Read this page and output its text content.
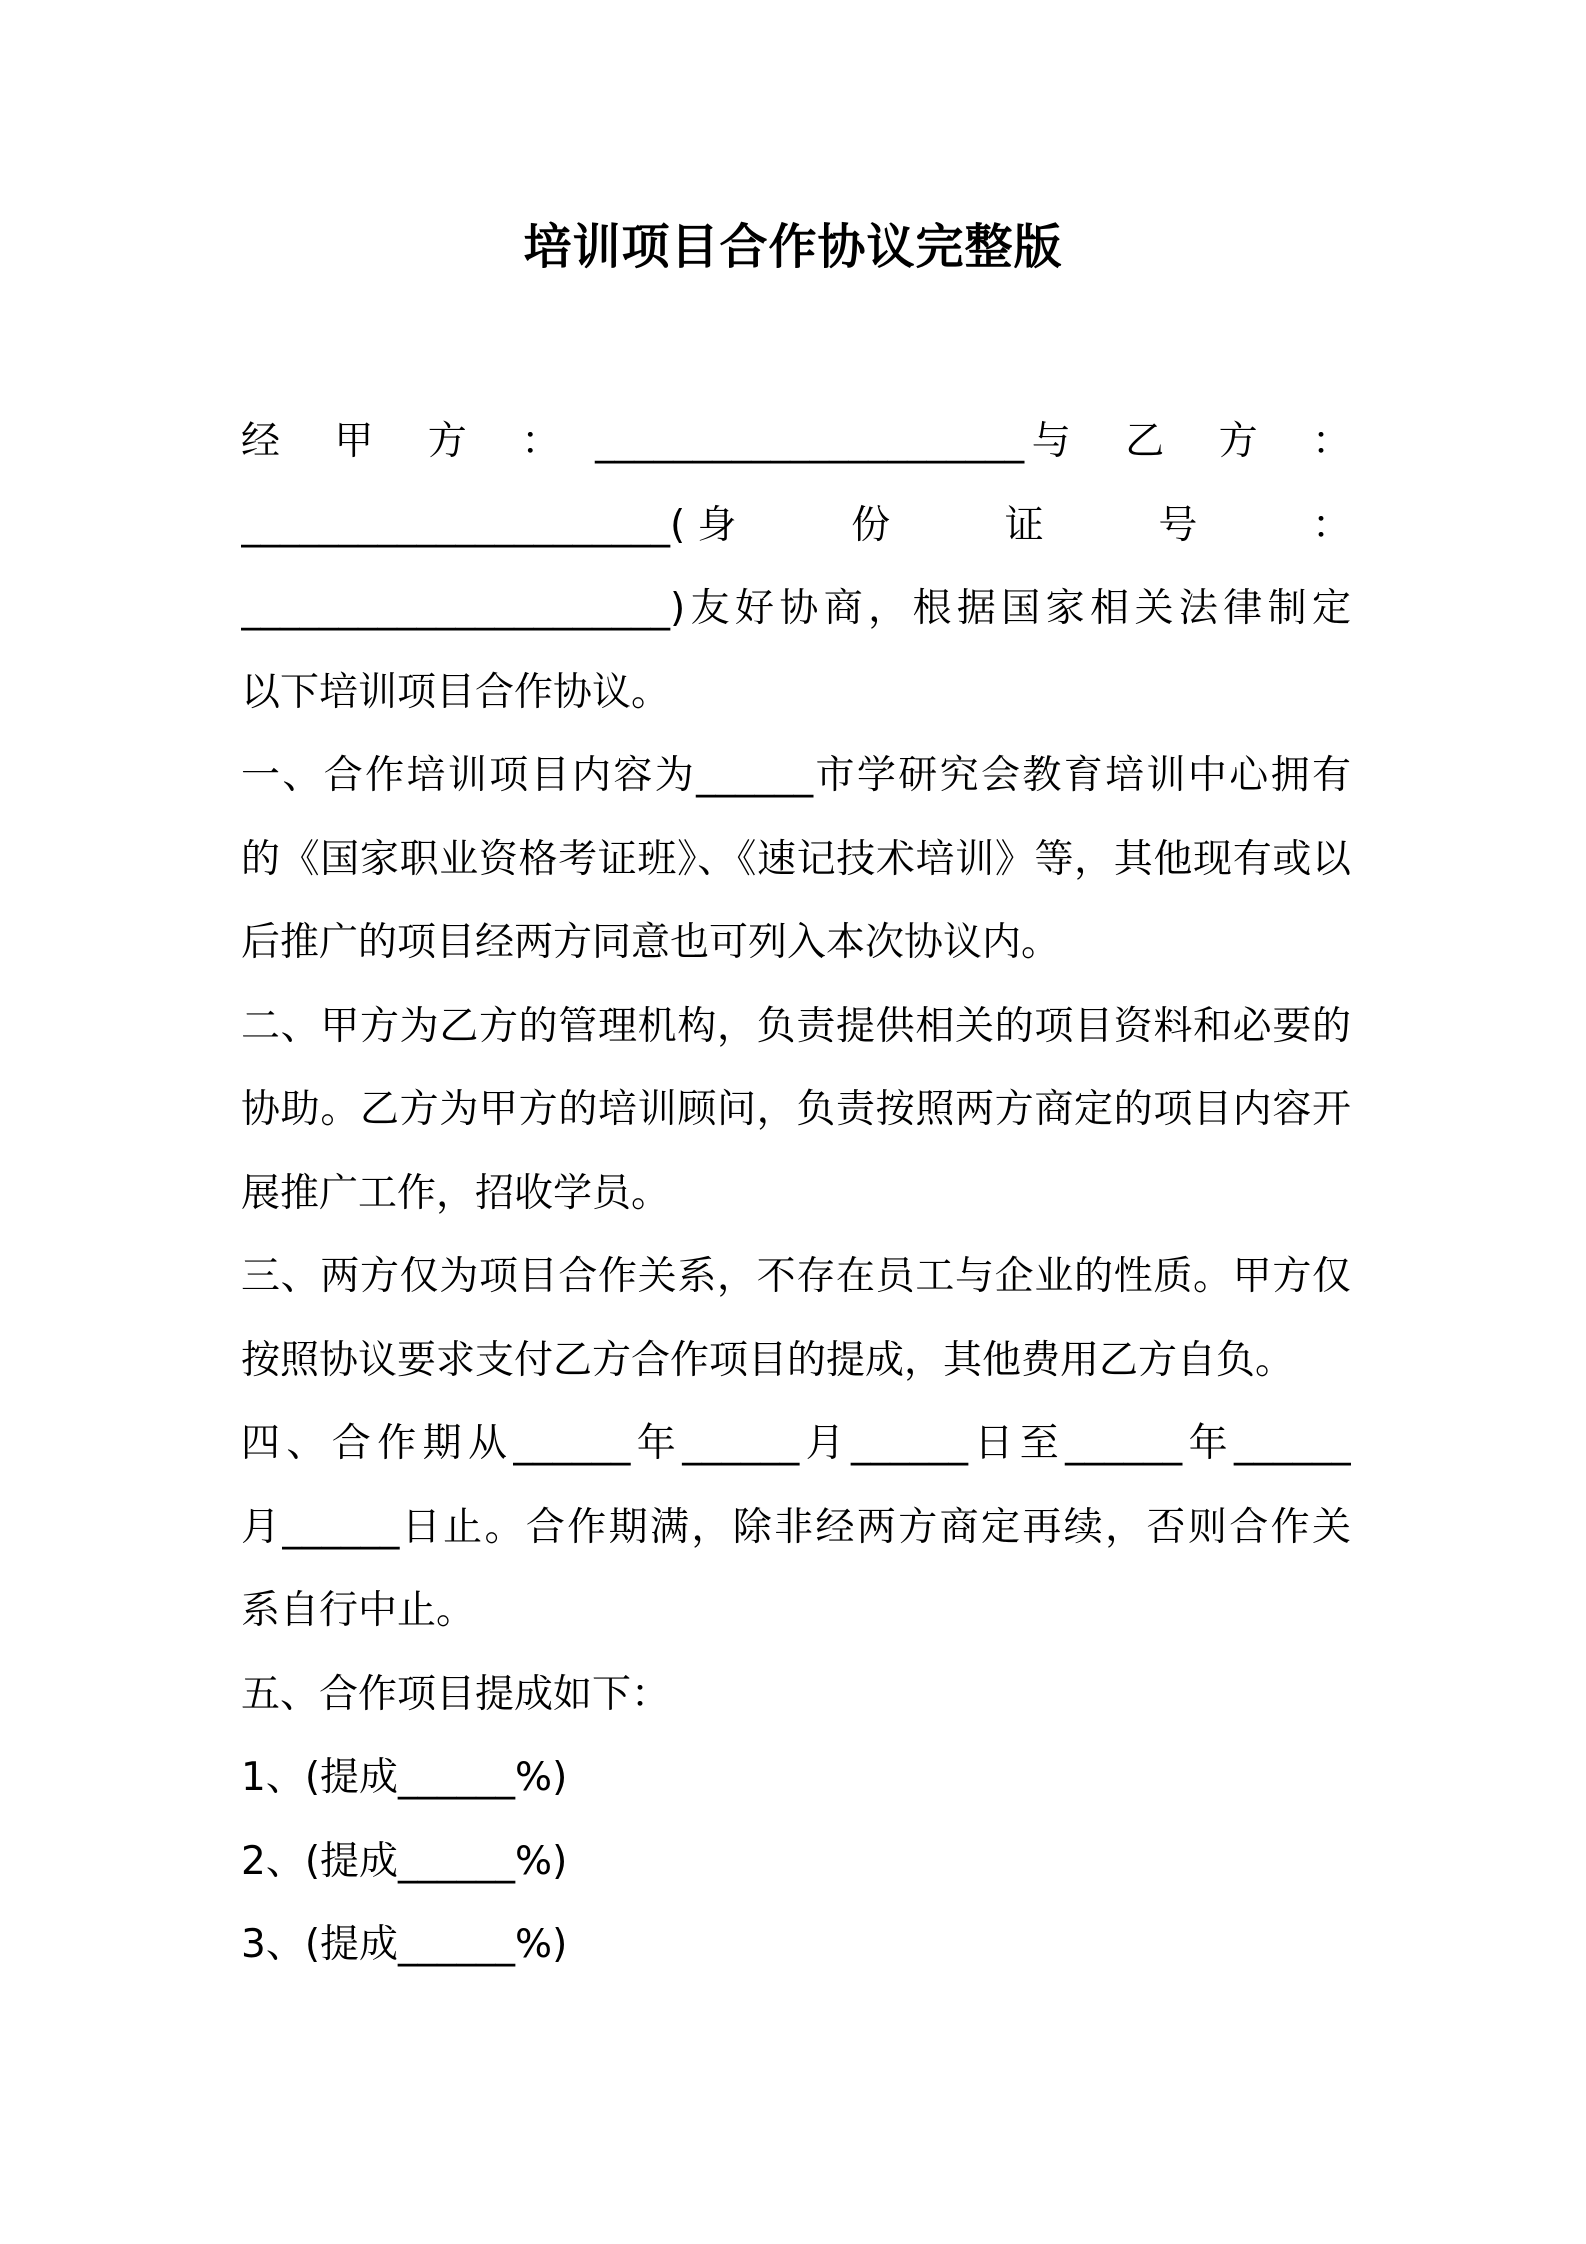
培训项目合作协议完整版
经　甲　方　：　______________________与　乙　方　：
______________________(身　　份　　证　　号　　：
______________________)友好协商，根据国家相关法律制定
以下培训项目合作协议。
一、合作培训项目内容为______市学研究会教育培训中心拥有
的《国家职业资格考证班》、《速记技术培训》等，其他现有或以
后推广的项目经两方同意也可列入本次协议内。
二、甲方为乙方的管理机构，负责提供相关的项目资料和必要的
协助。乙方为甲方的培训顾问，负责按照两方商定的项目内容开
展推广工作，招收学员。
三、两方仅为项目合作关系，不存在员工与企业的性质。甲方仅
按照协议要求支付乙方合作项目的提成，其他费用乙方自负。
四、合作期从______年______月______日至______年______
月______日止。合作期满，除非经两方商定再续，否则合作关
系自行中止。
五、合作项目提成如下：
1、(提成______%)
2、(提成______%)
3、(提成______%)
